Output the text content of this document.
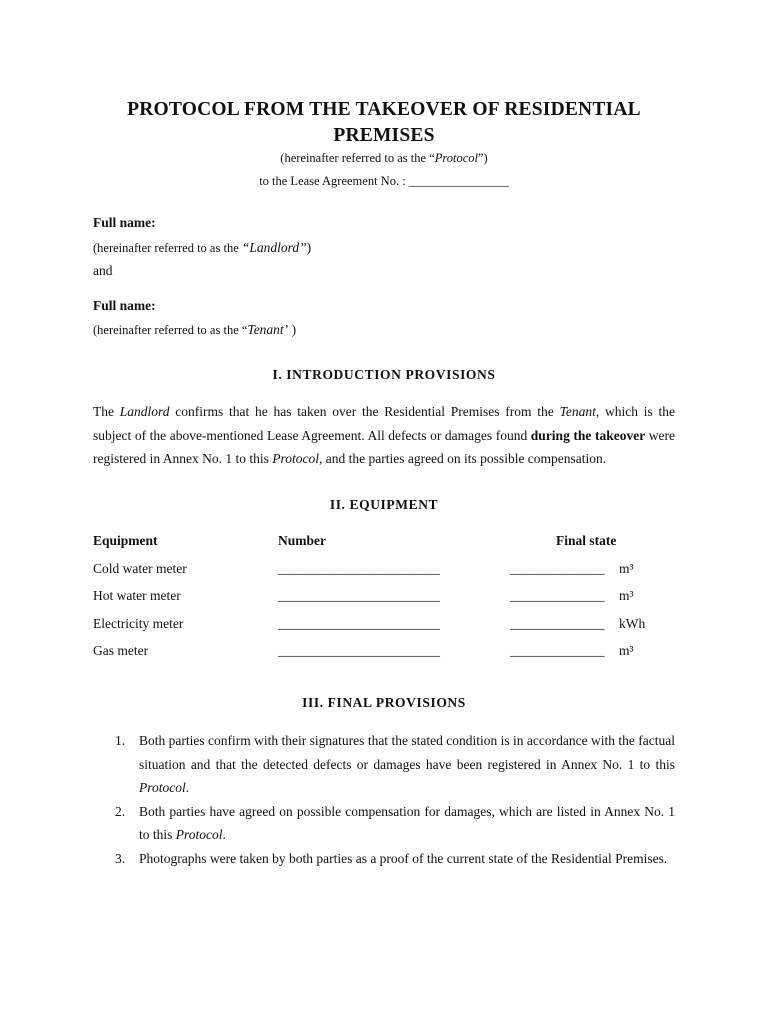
PROTOCOL FROM THE TAKEOVER OF RESIDENTIAL
PREMISES
(hereinafter referred to as the “Protocol”)
to the Lease Agreement No. : ________________
Full name:
(hereinafter referred to as the “Landlord”)
and
Full name:
(hereinafter referred to as the “Tenant’ )
I. INTRODUCTION PROVISIONS
The Landlord confirms that he has taken over the Residential Premises from the Tenant, which is the subject of the above-mentioned Lease Agreement. All defects or damages found during the takeover were registered in Annex No. 1 to this Protocol, and the parties agreed on its possible compensation.
II. EQUIPMENT
Equipment	Number	Final state
Cold water meter	________________________	______________ m³
Hot water meter	________________________	______________ m³
Electricity meter	________________________	______________ kWh
Gas meter	________________________	______________ m³
III. FINAL PROVISIONS
1. Both parties confirm with their signatures that the stated condition is in accordance with the factual situation and that the detected defects or damages have been registered in Annex No. 1 to this Protocol.
2. Both parties have agreed on possible compensation for damages, which are listed in Annex No. 1 to this Protocol.
3. Photographs were taken by both parties as a proof of the current state of the Residential Premises.
